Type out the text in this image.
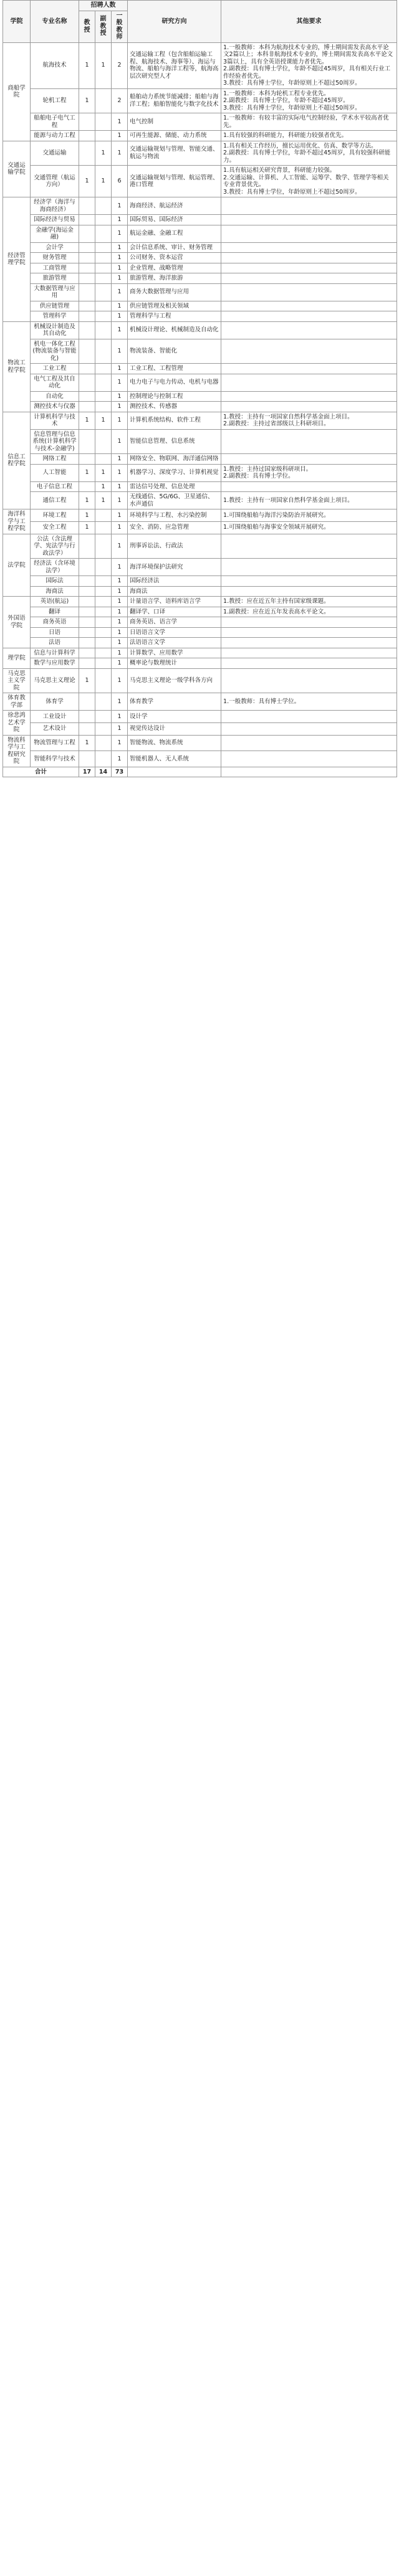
学院	专业名称	招聘人数			研究方向	其他要求
		教授	副教授	一般教师		
商船学院	航海技术	1	1	2	交通运输工程（包含船舶运输工程、航海技术、海事等）、海运与物流、船舶与海洋工程等，航海高层次研究型人才	1.一般教师：本科为航海技术专业的，博士期间需发表高水平论文2篇以上；本科非航海技术专业的，博士期间需发表高水平论文3篇以上，具有全英语授课能力者优先。
2.副教授：具有博士学位，年龄不超过45周岁，具有相关行业工作经验者优先。
3.教授：具有博士学位，年龄原则上不超过50周岁。
	轮机工程	1		2	船舶动力系统节能减排；船舶与海洋工程；船舶智能化与数字化技术	1.一般教师：本科为轮机工程专业优先。
2.副教授：具有博士学位，年龄不超过45周岁。
3.教授：具有博士学位，年龄原则上不超过50周岁。
	船舶电子电气工程			1	电气控制	1.一般教师：有较丰富的实际电气控制经验，学术水平较高者优先。
	能源与动力工程			1	可再生能源、储能、动力系统	1.具有较强的科研能力，科研能力较强者优先。
交通运输学院	交通运输		1	1	交通运输规划与管理、智能交通、航运与物流	1.具有相关工作经历，擅长运用优化、仿真、数学等方法。
2.副教授：具有博士学位，年龄不超过45周岁，具有较强科研能力。
	交通管理（航运方向）	1	1	6	交通运输规划与管理、航运管理、港口管理	1.具有航运相关研究背景，科研能力较强。
2.交通运输、计算机、人工智能、运筹学、数学、管理学等相关专业背景优先。
3.教授：具有博士学位，年龄原则上不超过50周岁。
经济管理学院	经济学（海洋与海商经济）			1	海商经济、航运经济	
	国际经济与贸易			1	国际贸易、国际经济	
	金融学(海运金融)			1	航运金融、金融工程	
	会计学			1	会计信息系统、审计、财务管理	
	财务管理			1	公司财务、资本运营	
	工商管理			1	企业管理、战略管理	
	旅游管理			1	旅游管理、海洋旅游	
	大数据管理与应用			1	商务大数据管理与应用	
	供应链管理			1	供应链管理及相关领域	
	管理科学			1	管理科学与工程	
物流工程学院	机械设计制造及其自动化			1	机械设计理论、机械制造及自动化	
	机电一体化工程(物流装备与智能化)			1	物流装备、智能化	
	工业工程			1	工业工程、工程管理	
	电气工程及其自动化			1	电力电子与电力传动、电机与电器	
	自动化			1	控制理论与控制工程	
	测控技术与仪器			1	测控技术、传感器	
信息工程学院	计算机科学与技术	1	1	1	计算机系统结构、软件工程	1.教授：主持有一项国家自然科学基金面上项目。
2.副教授：主持过省部级以上科研项目。
	信息管理与信息系统(计算机科学与技术-金融学)			1	智能信息管理、信息系统	
	网络工程			1	网络安全、物联网、海洋通信网络	
	人工智能	1	1	1	机器学习、深度学习、计算机视觉	1.教授：主持过国家级科研项目。
2.副教授：具有博士学位。
	电子信息工程		1	1	雷达信号处理、信息处理	
	通信工程	1	1	1	无线通信、5G/6G、卫星通信、水声通信	1.教授：主持有一项国家自然科学基金面上项目。
海洋科学与工程学院	环境工程	1		1	环境科学与工程、水污染控制	1.可围绕船舶与海洋污染防治开展研究。
	安全工程	1		1	安全、消防、应急管理	1.可围绕船舶与海事安全领域开展研究。
法学院	公法（含法理学、宪法学与行政法学）			1	刑事诉讼法、行政法	
	经济法（含环境法学）			1	海洋环境保护法研究	
	国际法			1	国际经济法	
	海商法			1	海商法	
外国语学院	英语(航运)			1	计量语言学、语料库语言学	1.教授：应在近五年主持有国家级课题。
	翻译			1	翻译学、口译	1.副教授：应在近五年发表高水平论文。
	商务英语			1	商务英语、语言学	
	日语			1	日语语言文学	
	法语			1	法语语言文学	
理学院	信息与计算科学			1	计算数学、应用数学	
	数学与应用数学			1	概率论与数理统计	
马克思主义学院	马克思主义理论	1		1	马克思主义理论一级学科各方向	
体育教学部	体育学			1	体育教学	1.一般教师：具有博士学位。
徐悲鸿艺术学院	工业设计			1	设计学	
	艺术设计			1	视觉传达设计	
物流科学与工程研究院	物流管理与工程	1		1	智能物流、物流系统	
	智能科学与技术			1	智能机器人、无人系统	
合计		17	14	73		
